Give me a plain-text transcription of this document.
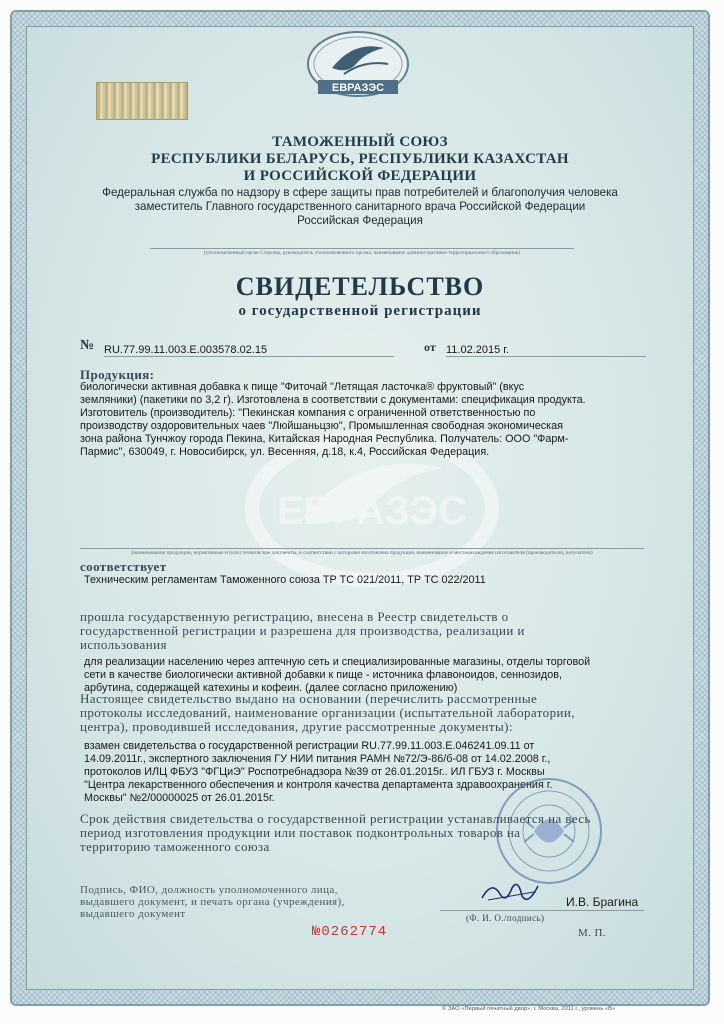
ЕВРАЗЭС
ЕВРАЗЭС
ТАМОЖЕННЫЙ СОЮЗ
РЕСПУБЛИКИ БЕЛАРУСЬ, РЕСПУБЛИКИ КАЗАХСТАН
И РОССИЙСКОЙ ФЕДЕРАЦИИ
Федеральная служба по надзору в сфере защиты прав потребителей и благополучия человека
заместитель Главного государственного санитарного врача Российской Федерации
Российская Федерация
(уполномоченный орган Стороны, руководитель уполномоченного органа, наименование административно-территориального образования)
СВИДЕТЕЛЬСТВО
о государственной регистрации
№ RU.77.99.11.003.E.003578.02.15	от 11.02.2015 г.
Продукция:
биологически активная добавка к пище "Фиточай "Летящая ласточка® фруктовый" (вкус
земляники) (пакетики по 3,2 г). Изготовлена в соответствии с документами: спецификация продукта.
Изготовитель (производитель): "Пекинская компания с ограниченной ответственностью по
производству оздоровительных чаев "Люйшаньцзю", Промышленная свободная экономическая
зона района Тунчжоу города Пекина, Китайская Народная Республика. Получатель: ООО "Фарм-
Пармис", 630049, г. Новосибирск, ул. Весенняя, д.18, к.4, Российская Федерация.
(наименование продукции, нормативные и (или) технические документы, в соответствии с которыми изготовлена продукция, наименование и местонахождение изготовителя (производителя), получателя)
соответствует
Техническим регламентам Таможенного союза ТР ТС 021/2011, ТР ТС 022/2011
прошла государственную регистрацию, внесена в Реестр свидетельств о
государственной регистрации и разрешена для производства, реализации и
использования
для реализации населению через аптечную сеть и специализированные магазины, отделы торговой
сети в качестве биологически активной добавки к пище - источника флавоноидов, сеннозидов,
арбутина, содержащей катехины и кофеин. (далее согласно приложению)
Настоящее свидетельство выдано на основании (перечислить рассмотренные
протоколы исследований, наименование организации (испытательной лаборатории,
центра), проводившей исследования, другие рассмотренные документы):
взамен свидетельства о государственной регистрации RU.77.99.11.003.Е.046241.09.11 от
14.09.2011г., экспертного заключения ГУ НИИ питания РАМН №72/Э-86/б-08 от 14.02.2008 г.,
протоколов ИЛЦ ФБУЗ "ФГЦиЭ" Роспотребнадзора №39 от 26.01.2015г.. ИЛ ГБУЗ г. Москвы
"Центра лекарственного обеспечения и контроля качества департамента здравоохранения г.
Москвы" №2/00000025 от 26.01.2015г.
Срок действия свидетельства о государственной регистрации устанавливается на весь
период изготовления продукции или поставок подконтрольных товаров на
территорию таможенного союза
Подпись, ФИО, должность уполномоченного лица,
выдавшего документ, и печать органа (учреждения),
выдавшего документ
И.В. Брагина
(Ф. И. О./подпись)
№0262774	М. П.
© ЗАО «Первый печатный двор», г. Москва, 2011 г., уровень «В»
